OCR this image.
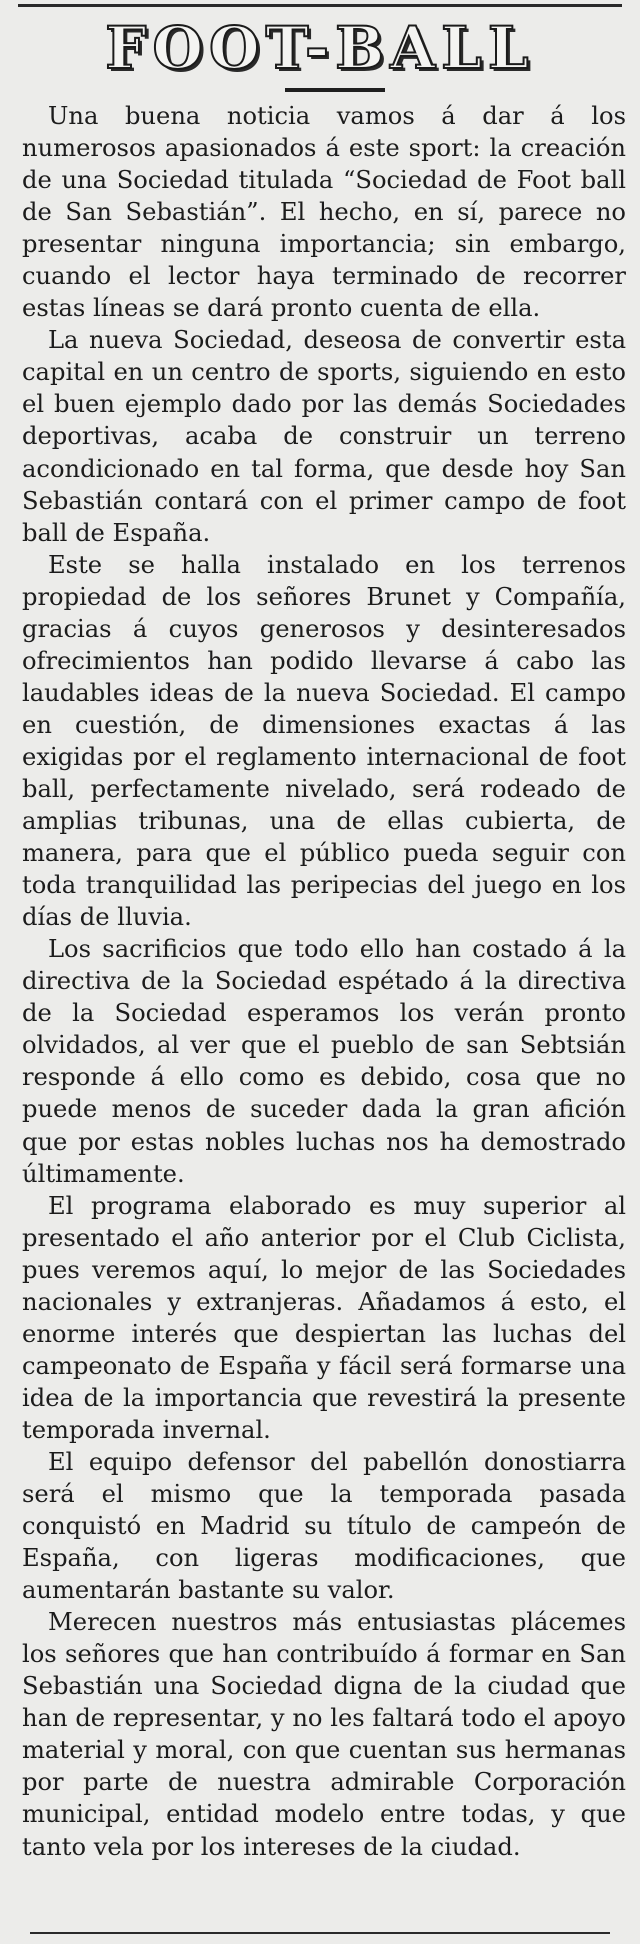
FOOT-BALL

Una buena noticia vamos á dar á los numerosos apasionados á este sport: la creación de una Sociedad titulada “Sociedad de Foot ball de San Sebastián”. El hecho, en sí, parece no presentar ninguna importancia; sin embargo, cuando el lector haya terminado de recorrer estas líneas se dará pronto cuenta de ella.

La nueva Sociedad, deseosa de convertir esta capital en un centro de sports, siguiendo en esto el buen ejemplo dado por las demás Sociedades deportivas, acaba de construir un terreno acondicionado en tal forma, que desde hoy San Sebastián contará con el primer campo de foot ball de España.

Este se halla instalado en los terrenos propiedad de los señores Brunet y Compañía, gracias á cuyos generosos y desinteresados ofrecimientos han podido llevarse á cabo las laudables ideas de la nueva Sociedad. El campo en cuestión, de dimensiones exactas á las exigidas por el reglamento internacional de foot ball, perfectamente nivelado, será rodeado de amplias tribunas, una de ellas cubierta, de manera, para que el público pueda seguir con toda tranquilidad las peripecias del juego en los días de lluvia.

Los sacrificios que todo ello han costado á la directiva de la Sociedad espétado á la directiva de la Sociedad esperamos los verán pronto olvidados, al ver que el pueblo de san Sebtsián responde á ello como es debido, cosa que no puede menos de suceder dada la gran afición que por estas nobles luchas nos ha demostrado últimamente.

El programa elaborado es muy superior al presentado el año anterior por el Club Ciclista, pues veremos aquí, lo mejor de las Sociedades nacionales y extranjeras. Añadamos á esto, el enorme interés que despiertan las luchas del campeonato de España y fácil será formarse una idea de la importancia que revestirá la presente temporada invernal.

El equipo defensor del pabellón donostiarra será el mismo que la temporada pasada conquistó en Madrid su título de campeón de España, con ligeras modificaciones, que aumentarán bastante su valor.

Merecen nuestros más entusiastas plácemes los señores que han contribuído á formar en San Sebastián una Sociedad digna de la ciudad que han de representar, y no les faltará todo el apoyo material y moral, con que cuentan sus hermanas por parte de nuestra admirable Corporación municipal, entidad modelo entre todas, y que tanto vela por los intereses de la ciudad.
